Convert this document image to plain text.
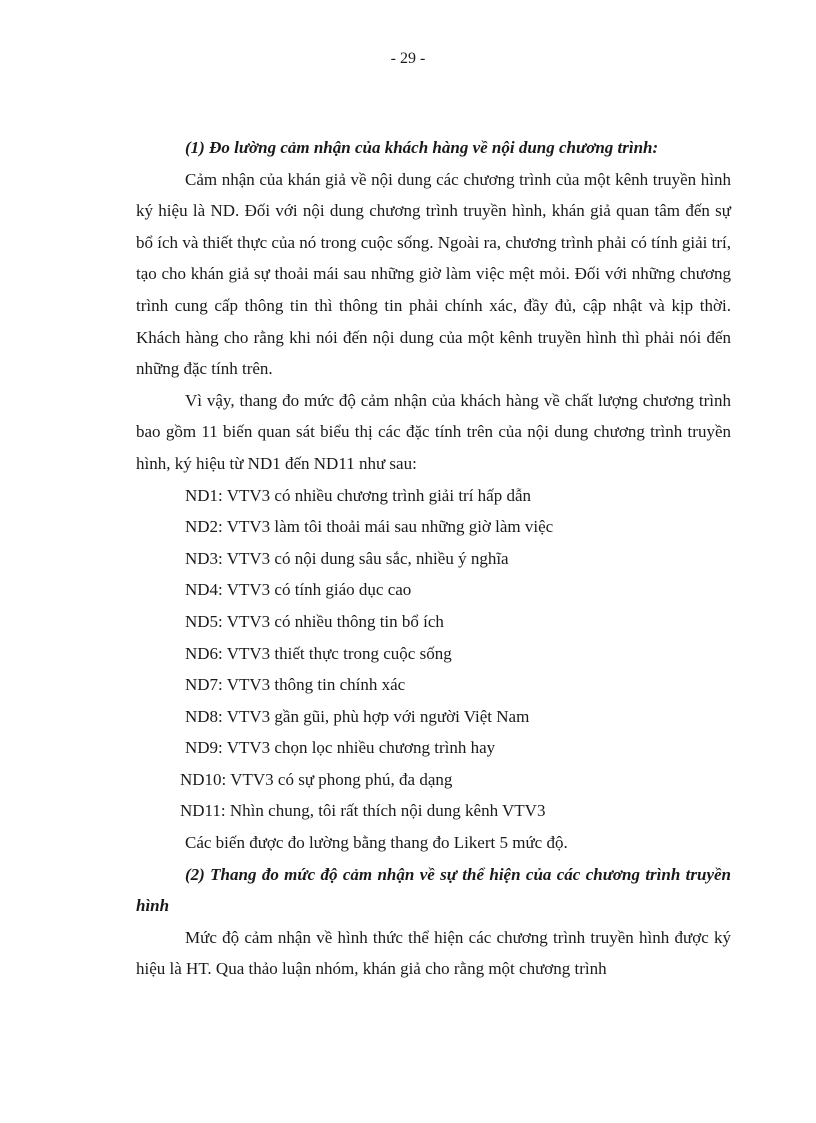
- 29 -

(1) Đo lường cảm nhận của khách hàng về nội dung chương trình:

Cảm nhận của khán giả về nội dung các chương trình của một kênh truyền hình ký hiệu là ND. Đối với nội dung chương trình truyền hình, khán giả quan tâm đến sự bổ ích và thiết thực của nó trong cuộc sống. Ngoài ra, chương trình phải có tính giải trí, tạo cho khán giả sự thoải mái sau những giờ làm việc mệt mỏi. Đối với những chương trình cung cấp thông tin thì thông tin phải chính xác, đầy đủ, cập nhật và kịp thời. Khách hàng cho rằng khi nói đến nội dung của một kênh truyền hình thì phải nói đến những đặc tính trên.

Vì vậy, thang đo mức độ cảm nhận của khách hàng về chất lượng chương trình bao gồm 11 biến quan sát biểu thị các đặc tính trên của nội dung chương trình truyền hình, ký hiệu từ ND1 đến ND11 như sau:

ND1: VTV3 có nhiều chương trình giải trí hấp dẫn
ND2: VTV3 làm tôi thoải mái sau những giờ làm việc
ND3: VTV3 có nội dung sâu sắc, nhiều ý nghĩa
ND4: VTV3 có tính giáo dục cao
ND5: VTV3 có nhiều thông tin bổ ích
ND6: VTV3 thiết thực trong cuộc sống
ND7: VTV3 thông tin chính xác
ND8: VTV3 gần gũi, phù hợp với người Việt Nam
ND9: VTV3 chọn lọc nhiều chương trình hay
ND10: VTV3 có sự phong phú, đa dạng
ND11: Nhìn chung, tôi rất thích nội dung kênh VTV3

Các biến được đo lường bằng thang đo Likert 5 mức độ.

(2) Thang đo mức độ cảm nhận về sự thể hiện của các chương trình truyền hình

Mức độ cảm nhận về hình thức thể hiện các chương trình truyền hình được ký hiệu là HT. Qua thảo luận nhóm, khán giả cho rằng một chương trình
